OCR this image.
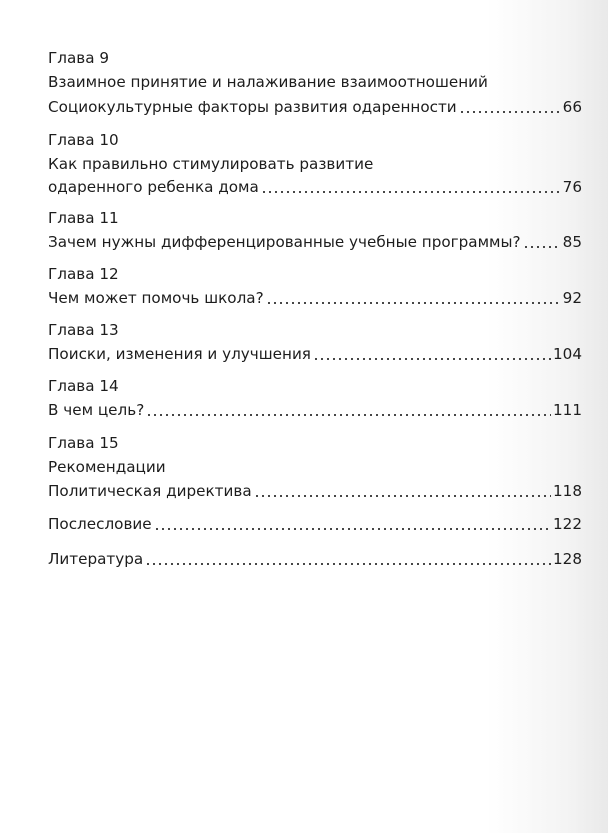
Глава 9
Взаимное принятие и налаживание взаимоотношений
Социокультурные факторы развития одаренности	66
Глава 10
Как правильно стимулировать развитие
одаренного ребенка дома	76
Глава 11
Зачем нужны дифференцированные учебные программы?	85
Глава 12
Чем может помочь школа?	92
Глава 13
Поиски, изменения и улучшения	104
Глава 14
В чем цель?	111
Глава 15
Рекомендации
Политическая директива	118
Послесловие	122
Литература	128
